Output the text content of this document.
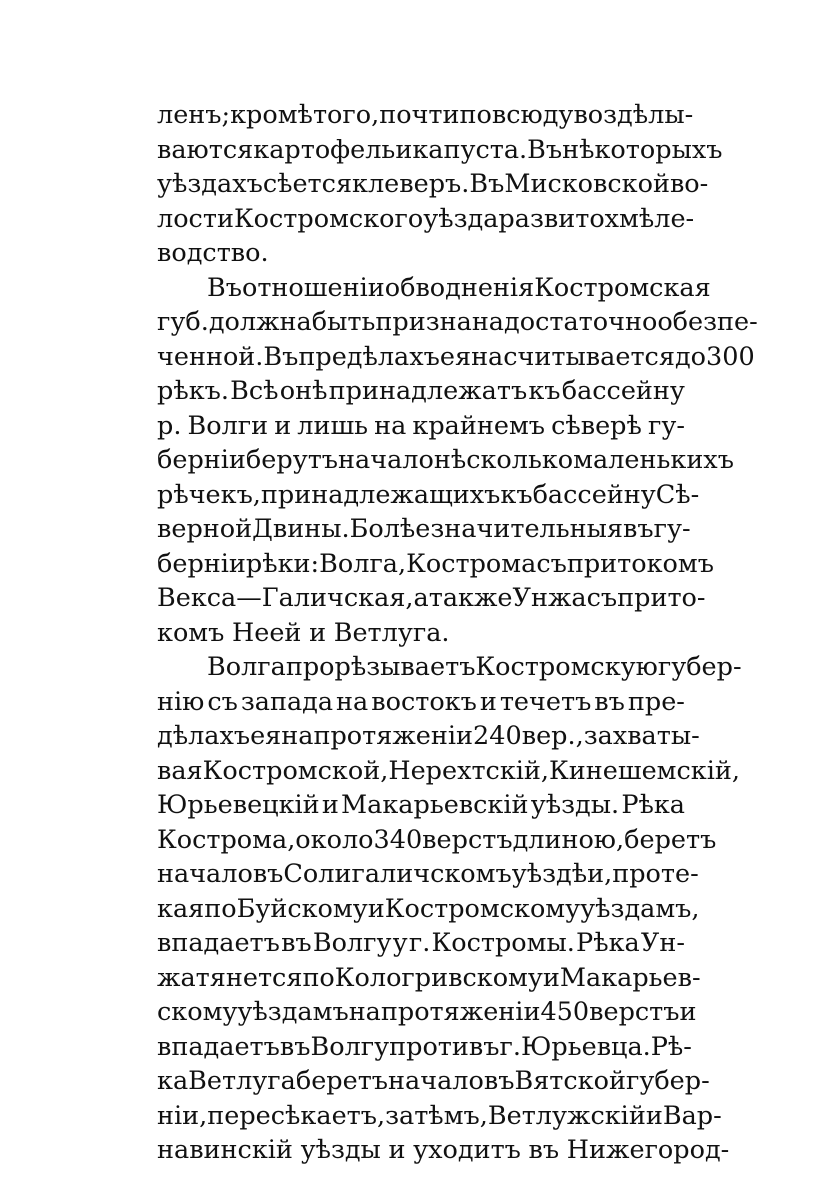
ленъ; кромѣ того, почти повсюду воздѣлы-
ваются картофель и капуста. Въ нѣкоторыхъ
уѣздахъ сѣется клеверъ. Въ Мисковской во-
лости Костромского уѣзда развито хмѣле-
водство.
Въ отношеніи обводненія Костромская
губ. должна быть признана достаточно обезпе-
ченной. Въ предѣлахъ ея насчитывается до 300
рѣкъ. Всѣ онѣ принадлежатъ къ бассейну
р. Волги и лишь на крайнемъ сѣверѣ гу-
берніи берутъ начало нѣсколько маленькихъ
рѣчекъ, принадлежащихъ къ бассейну Сѣ-
верной Двины. Болѣе значительныя въ гу-
берніи рѣки: Волга, Кострома съ притокомъ
Векса—Галичская, а также Унжа съ прито-
комъ Неей и Ветлуга.
Волга прорѣзываетъ Костромскую губер-
нію съ запада на востокъ и течетъ въ пре-
дѣлахъ ея на протяженіи 240 вер., захваты-
вая Костромской, Нерехтскій, Кинешемскій,
Юрьевецкій и Макарьевскій уѣзды. Рѣка
Кострома, около 340 верстъ длиною, беретъ
начало въ Солигаличскомъ уѣздѣ и, проте-
кая по Буйскому и Костромскому уѣздамъ,
впадаетъ въ Волгу у г. Костромы. Рѣка Ун-
жа тянется по Кологривскому и Макарьев-
скому уѣздамъ на протяженіи 450 верстъ и
впадаетъ въ Волгу противъ г. Юрьевца. Рѣ-
ка Ветлуга беретъ начало въ Вятской губер-
ніи, пересѣкаетъ, затѣмъ, Ветлужскій и Вар-
навинскій уѣзды и уходитъ въ Нижегород-
